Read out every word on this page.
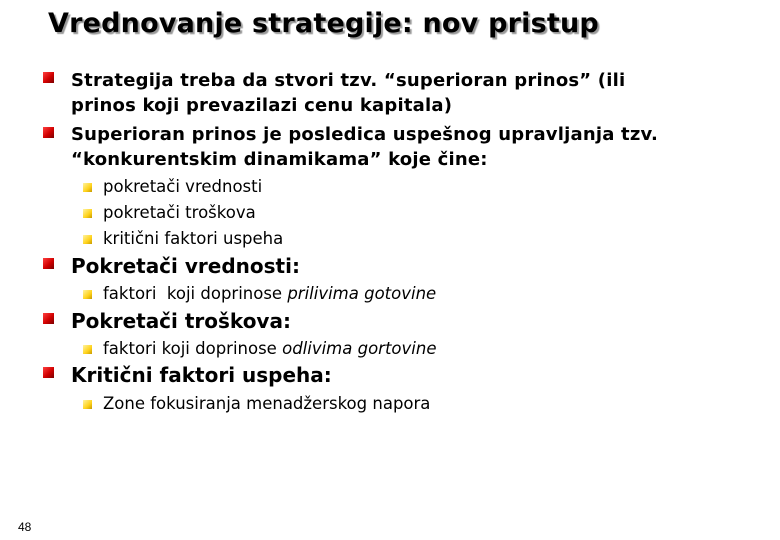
Vrednovanje strategije: nov pristup
Strategija treba da stvori tzv. “superioran prinos” (ili
prinos koji prevazilazi cenu kapitala)
Superioran prinos je posledica uspešnog upravljanja tzv.
“konkurentskim dinamikama” koje čine:
pokretači vrednosti
pokretači troškova
kritični faktori uspeha
Pokretači vrednosti:
faktori  koji doprinose prilivima gotovine
Pokretači troškova:
faktori koji doprinose odlivima gortovine
Kritični faktori uspeha:
Zone fokusiranja menadžerskog napora
48
